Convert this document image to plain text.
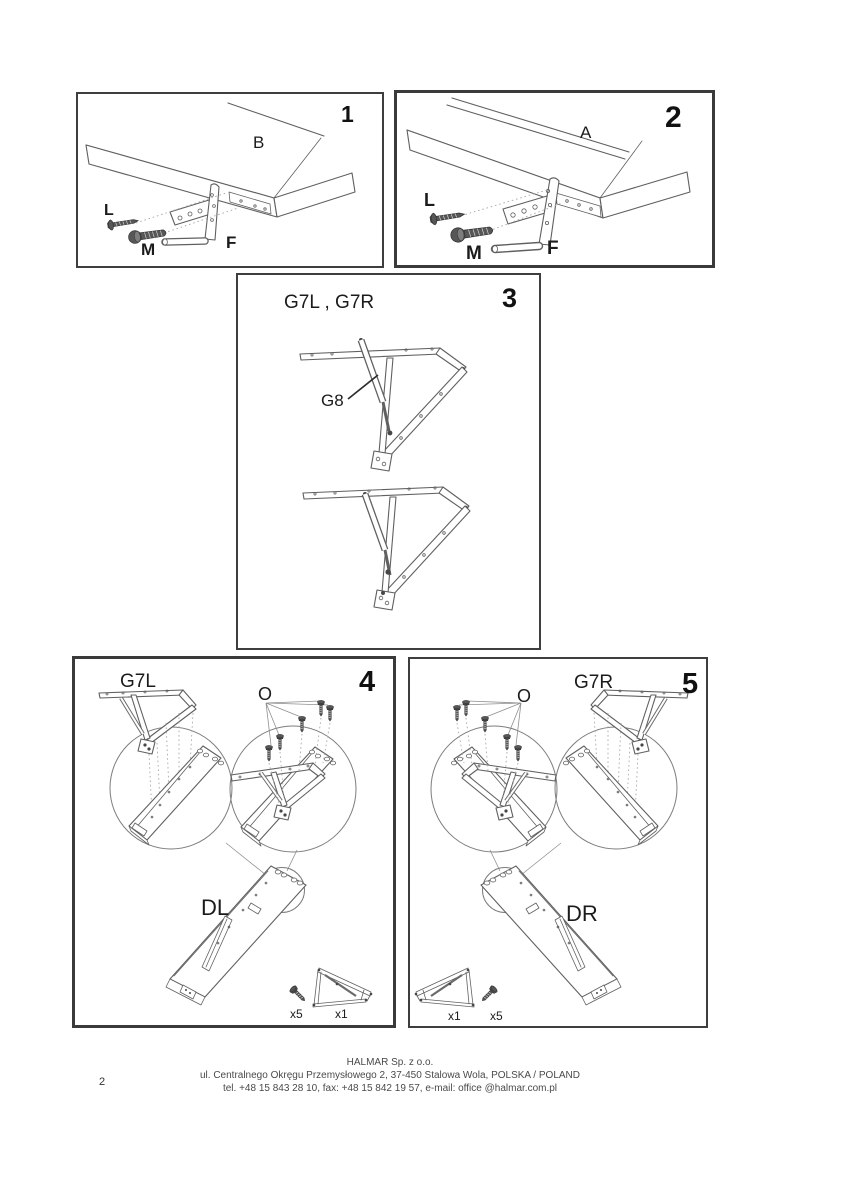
1
B
L
M	F
2
A
L
M	F
G7L , G7R	3
G8
G7L	4
O
DL
x5	x1
G7R 5
O
DR
x1 x5
2
HALMAR Sp. z o.o.
ul. Centralnego Okręgu Przemysłowego 2, 37-450 Stalowa Wola, POLSKA / POLAND
tel. +48 15 843 28 10, fax: +48 15 842 19 57, e-mail: office @halmar.com.pl
